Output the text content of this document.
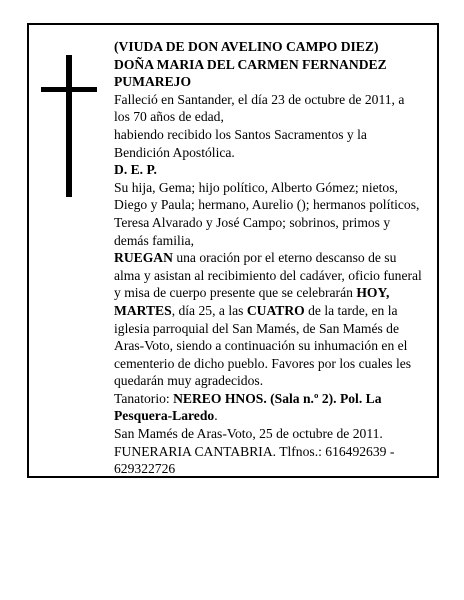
(VIUDA DE DON AVELINO CAMPO DIEZ)

DOÑA MARIA DEL CARMEN FERNANDEZ PUMAREJO

Falleció en Santander, el día 23 de octubre de 2011, a los 70 años de edad,

habiendo recibido los Santos Sacramentos y la Bendición Apostólica.

D. E. P.

Su hija, Gema; hijo político, Alberto Gómez; nietos, Diego y Paula; hermano, Aurelio (); hermanos políticos, Teresa Alvarado y José Campo; sobrinos, primos y demás familia,

RUEGAN una oración por el eterno descanso de su alma y asistan al recibimiento del cadáver, oficio funeral y misa de cuerpo presente que se celebrarán HOY, MARTES, día 25, a las CUATRO de la tarde, en la iglesia parroquial del San Mamés, de San Mamés de Aras-Voto, siendo a continuación su inhumación en el cementerio de dicho pueblo. Favores por los cuales les quedarán muy agradecidos.

Tanatorio: NEREO HNOS. (Sala n.º 2). Pol. La Pesquera-Laredo.

San Mamés de Aras-Voto, 25 de octubre de 2011.

FUNERARIA CANTABRIA. Tlfnos.: 616492639 - 629322726
